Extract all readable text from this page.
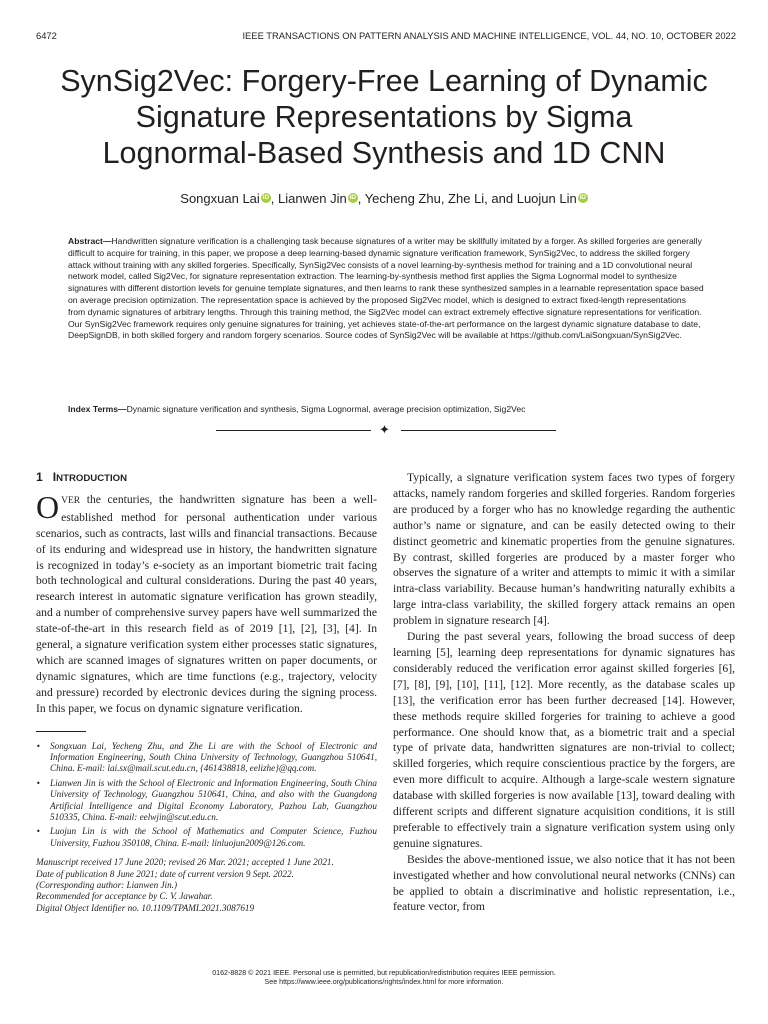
6472	IEEE TRANSACTIONS ON PATTERN ANALYSIS AND MACHINE INTELLIGENCE, VOL. 44, NO. 10, OCTOBER 2022
SynSig2Vec: Forgery-Free Learning of Dynamic
Signature Representations by Sigma
Lognormal-Based Synthesis and 1D CNN
Songxuan Lai iD , Lianwen Jin iD , Yecheng Zhu, Zhe Li, and Luojun Lin iD
Abstract—Handwritten signature verification is a challenging task because signatures of a writer may be skillfully imitated by a forger. As skilled forgeries are generally difficult to acquire for training, in this paper, we propose a deep learning-based dynamic signature verification framework, SynSig2Vec, to address the skilled forgery attack without training with any skilled forgeries. Specifically, SynSig2Vec consists of a novel learning-by-synthesis method for training and a 1D convolutional neural network model, called Sig2Vec, for signature representation extraction. The learning-by-synthesis method first applies the Sigma Lognormal model to synthesize signatures with different distortion levels for genuine template signatures, and then learns to rank these synthesized samples in a learnable representation space based on average precision optimization. The representation space is achieved by the proposed Sig2Vec model, which is designed to extract fixed-length representations from dynamic signatures of arbitrary lengths. Through this training method, the Sig2Vec model can extract extremely effective signature representations for verification. Our SynSig2Vec framework requires only genuine signatures for training, yet achieves state-of-the-art performance on the largest dynamic signature database to date, DeepSignDB, in both skilled forgery and random forgery scenarios. Source codes of SynSig2Vec will be available at https://github.com/LaiSongxuan/SynSig2Vec.
Index Terms—Dynamic signature verification and synthesis, Sigma Lognormal, average precision optimization, Sig2Vec
✦
1 INTRODUCTION

OVER the centuries, the handwritten signature has been a well-established method for personal authentication under various scenarios, such as contracts, last wills and financial transactions. Because of its enduring and widespread use in history, the handwritten signature is recognized in today’s e-society as an important biometric trait facing both technological and cultural considerations. During the past 40 years, research interest in automatic signature verification has grown steadily, and a number of comprehensive survey papers have well summarized the state-of-the-art in this research field as of 2019 [1], [2], [3], [4]. In general, a signature verification system either processes static signatures, which are scanned images of signatures written on paper documents, or dynamic signatures, which are time functions (e.g., trajectory, velocity and pressure) recorded by electronic devices during the signing process. In this paper, we focus on dynamic signature verification.

• Songxuan Lai, Yecheng Zhu, and Zhe Li are with the School of Electronic and Information Engineering, South China University of Technology, Guangzhou 510641, China. E-mail: lai.sx@mail.scut.edu.cn, {461438818, eelizhe}@qq.com.
• Lianwen Jin is with the School of Electronic and Information Engineering, South China University of Technology, Guangzhou 510641, China, and also with the Guangdong Artificial Intelligence and Digital Economy Laboratory, Pazhou Lab, Guangzhou 510335, China. E-mail: eelwjin@scut.edu.cn.
• Luojun Lin is with the School of Mathematics and Computer Science, Fuzhou University, Fuzhou 350108, China. E-mail: linluojun2009@126.com.
Manuscript received 17 June 2020; revised 26 Mar. 2021; accepted 1 June 2021.
Date of publication 8 June 2021; date of current version 9 Sept. 2022.
(Corresponding author: Lianwen Jin.)
Recommended for acceptance by C. V. Jawahar.
Digital Object Identifier no. 10.1109/TPAMI.2021.3087619

Typically, a signature verification system faces two types of forgery attacks, namely random forgeries and skilled forgeries. Random forgeries are produced by a forger who has no knowledge regarding the authentic author’s name or signature, and can be easily detected owing to their distinct geometric and kinematic properties from the genuine signatures. By contrast, skilled forgeries are produced by a master forger who observes the signature of a writer and attempts to mimic it with a similar intra-class variability. Because human’s handwriting naturally exhibits a large intra-class variability, the skilled forgery attack remains an open problem in signature research [4].

During the past several years, following the broad success of deep learning [5], learning deep representations for dynamic signatures has considerably reduced the verification error against skilled forgeries [6], [7], [8], [9], [10], [11], [12]. More recently, as the database scales up [13], the verification error has been further decreased [14]. However, these methods require skilled forgeries for training to achieve a good performance. One should know that, as a biometric trait and a special type of private data, handwritten signatures are non-trivial to collect; skilled forgeries, which require conscientious practice by the forgers, are even more difficult to acquire. Although a large-scale western signature database with skilled forgeries is now available [13], toward dealing with different scripts and different signature acquisition conditions, it is still preferable to effectively train a signature verification system using only genuine signatures.

Besides the above-mentioned issue, we also notice that it has not been investigated whether and how convolutional neural networks (CNNs) can be applied to obtain a discriminative and holistic representation, i.e., feature vector, from

0162-8828 © 2021 IEEE. Personal use is permitted, but republication/redistribution requires IEEE permission.
See https://www.ieee.org/publications/rights/index.html for more information.
